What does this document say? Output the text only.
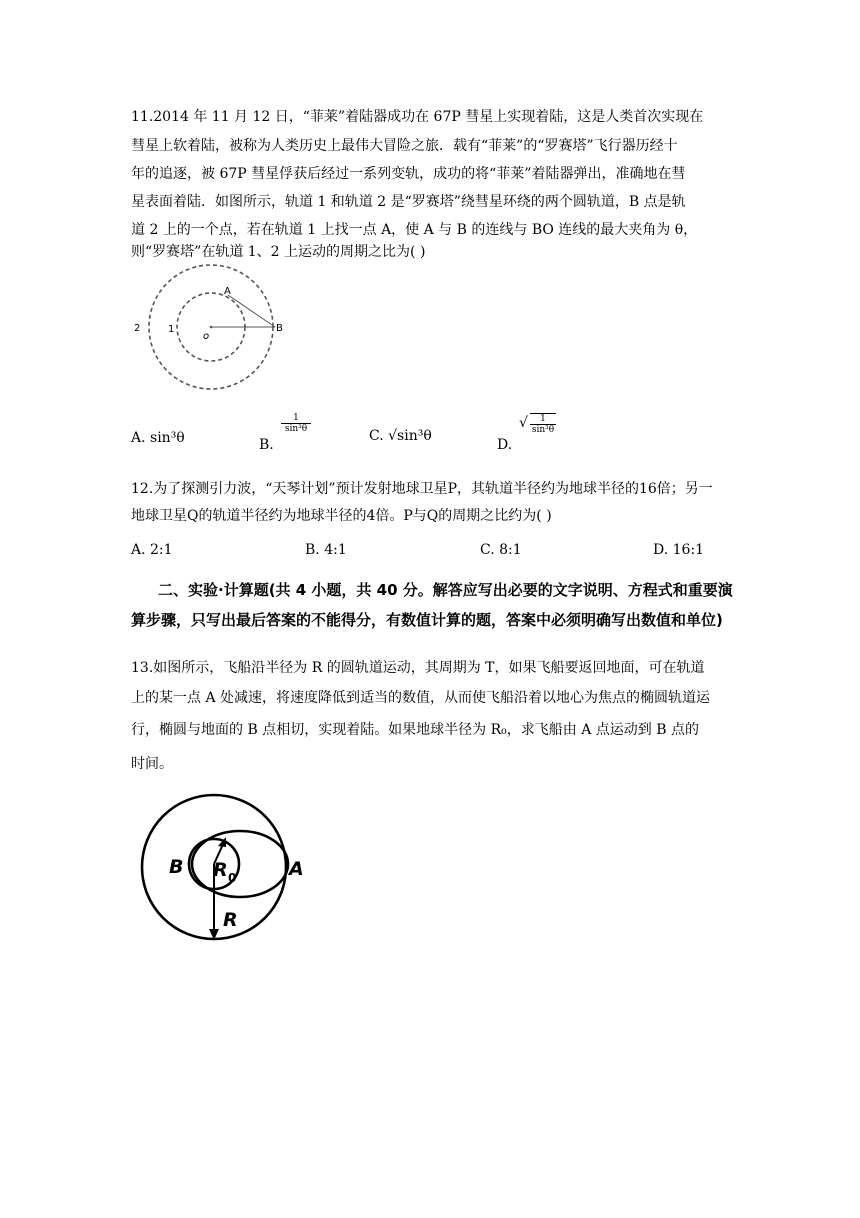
11.2014 年 11 月 12 日，“菲莱”着陆器成功在 67P 彗星上实现着陆，这是人类首次实现在
彗星上软着陆，被称为人类历史上最伟大冒险之旅．载有“菲莱”的“罗赛塔”飞行器历经十
年的追逐，被 67P 彗星俘获后经过一系列变轨，成功的将“菲莱”着陆器弹出，准确地在彗
星表面着陆．如图所示，轨道 1 和轨道 2 是“罗赛塔”绕彗星环绕的两个圆轨道，B 点是轨
道 2 上的一个点，若在轨道 1 上找一点 A，使 A 与 B 的连线与 BO 连线的最大夹角为 θ，
则“罗赛塔”在轨道 1、2 上运动的周期之比为( )
A
B
o
1
2
A. sin³θ	B.
$\frac{1}{\text{sin³θ}}$
C. √sin³θ
D.
√ $\frac{1}{\text{sin³θ}}$
12.为了探测引力波，“天琴计划”预计发射地球卫星P，其轨道半径约为地球半径的16倍；另一
地球卫星Q的轨道半径约为地球半径的4倍。P与Q的周期之比约为( )
A. 2:1	B. 4:1	C. 8:1	D. 16:1
二、实验·计算题(共 4 小题，共 40 分。解答应写出必要的文字说明、方程式和重要演
算步骤，只写出最后答案的不能得分，有数值计算的题，答案中必须明确写出数值和单位)
13.如图所示，飞船沿半径为 R 的圆轨道运动，其周期为 T，如果飞船要返回地面，可在轨道
上的某一点 A 处减速，将速度降低到适当的数值，从而使飞船沿着以地心为焦点的椭圆轨道运
行，椭圆与地面的 B 点相切，实现着陆。如果地球半径为 R₀，求飞船由 A 点运动到 B 点的
时间。
B	A
R 0
R
